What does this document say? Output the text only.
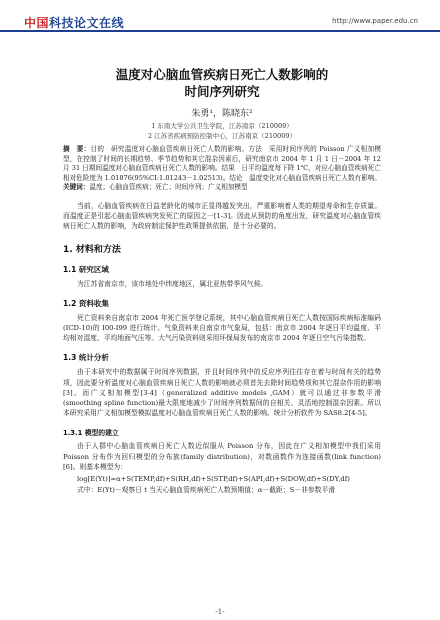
中国科技论文在线	http://www.paper.edu.cn
温度对心脑血管疾病日死亡人数影响的
时间序列研究
朱勇¹，陈晓东²
1 东南大学公共卫生学院，江苏南京（210009）
2 江苏省疾病预防控制中心，江苏南京（210009）
摘　要：目的　研究温度对心脑血管疾病日死亡人数的影响。方法　采用时间序列的 Poisson 广义相加模型，在控制了时间的长期趋势、季节趋势和其它混杂因素后，研究南京市 2004 年 1 月 1 日－2004 年 12 月 31 日期间温度对心脑血管疾病日死亡人数的影响。结果　日平均温度每下降 1℃，对应心脑血管疾病死亡相对危险度为 1.01876(95%CI:1.01243－1.02513)。结论　温度变化对心脑血管疾病日死亡人数有影响。
关键词：温度；心脑血管疾病；死亡；时间序列；广义相加模型
当前，心脑血管疾病在日益老龄化的城市正显得越发突出，严重影响着人类的期望寿命和生存质量。而温度正是引起心脑血管疾病突发死亡的原因之一[1-3]。因此从预防的角度出发，研究温度对心脑血管疾病日死亡人数的影响，为政府制定保护性政策提供依据，是十分必要的。
1. 材料和方法
1.1 研究区域
为江苏省南京市，该市地处中纬度地区，属北亚热带季风气候。
1.2 资料收集
死亡资料来自南京市 2004 年死亡医学登记系统，其中心脑血管疾病日死亡人数按国际疾病标准编码(ICD-10)的 I00-I99 进行统计。气象资料来自南京市气象局，包括：南京市 2004 年逐日平均温度、平均相对湿度、平均地面气压等。大气污染资料则采用环保局发布的南京市 2004 年逐日空气污染指数。
1.3 统计分析
由于本研究中的数据属于时间序列数据，并且时间序列中的反应序列往往存在着与时间有关的趋势项，因此要分析温度对心脑血管疾病日死亡人数的影响就必须首先去除时间趋势项和其它混杂作用的影响[3]。而广义相加模型[3-4]（generalized additive models ,GAM）就可以通过非参数平滑(smoothing spline function)最大限度地减少了时间序列数据间的自相关、灵活地控制混杂因素。所以本研究采用广义相加模型模拟温度对心脑血管疾病日死亡人数的影响。统计分析软件为 SAS8.2[4-5]。
1.3.1 模型的建立
由于人群中心脑血管疾病日死亡人数近似服从 Poisson 分布，因此在广义相加模型中我们采用 Poisson 分布作为回归模型的分布族(family distribution)，对数函数作为连接函数(link function)[6]。则基本模型为：
log[E(Yt)]=α+S(TEMP,df)+S(RH,df)+S(STP,df)+S(API,df)+S(DOW,df)+S(DY,df)
式中：E(Yt)－观察日 t 当天心脑血管疾病死亡人数预期值；α－截距；S－非参数平滑
-1-
